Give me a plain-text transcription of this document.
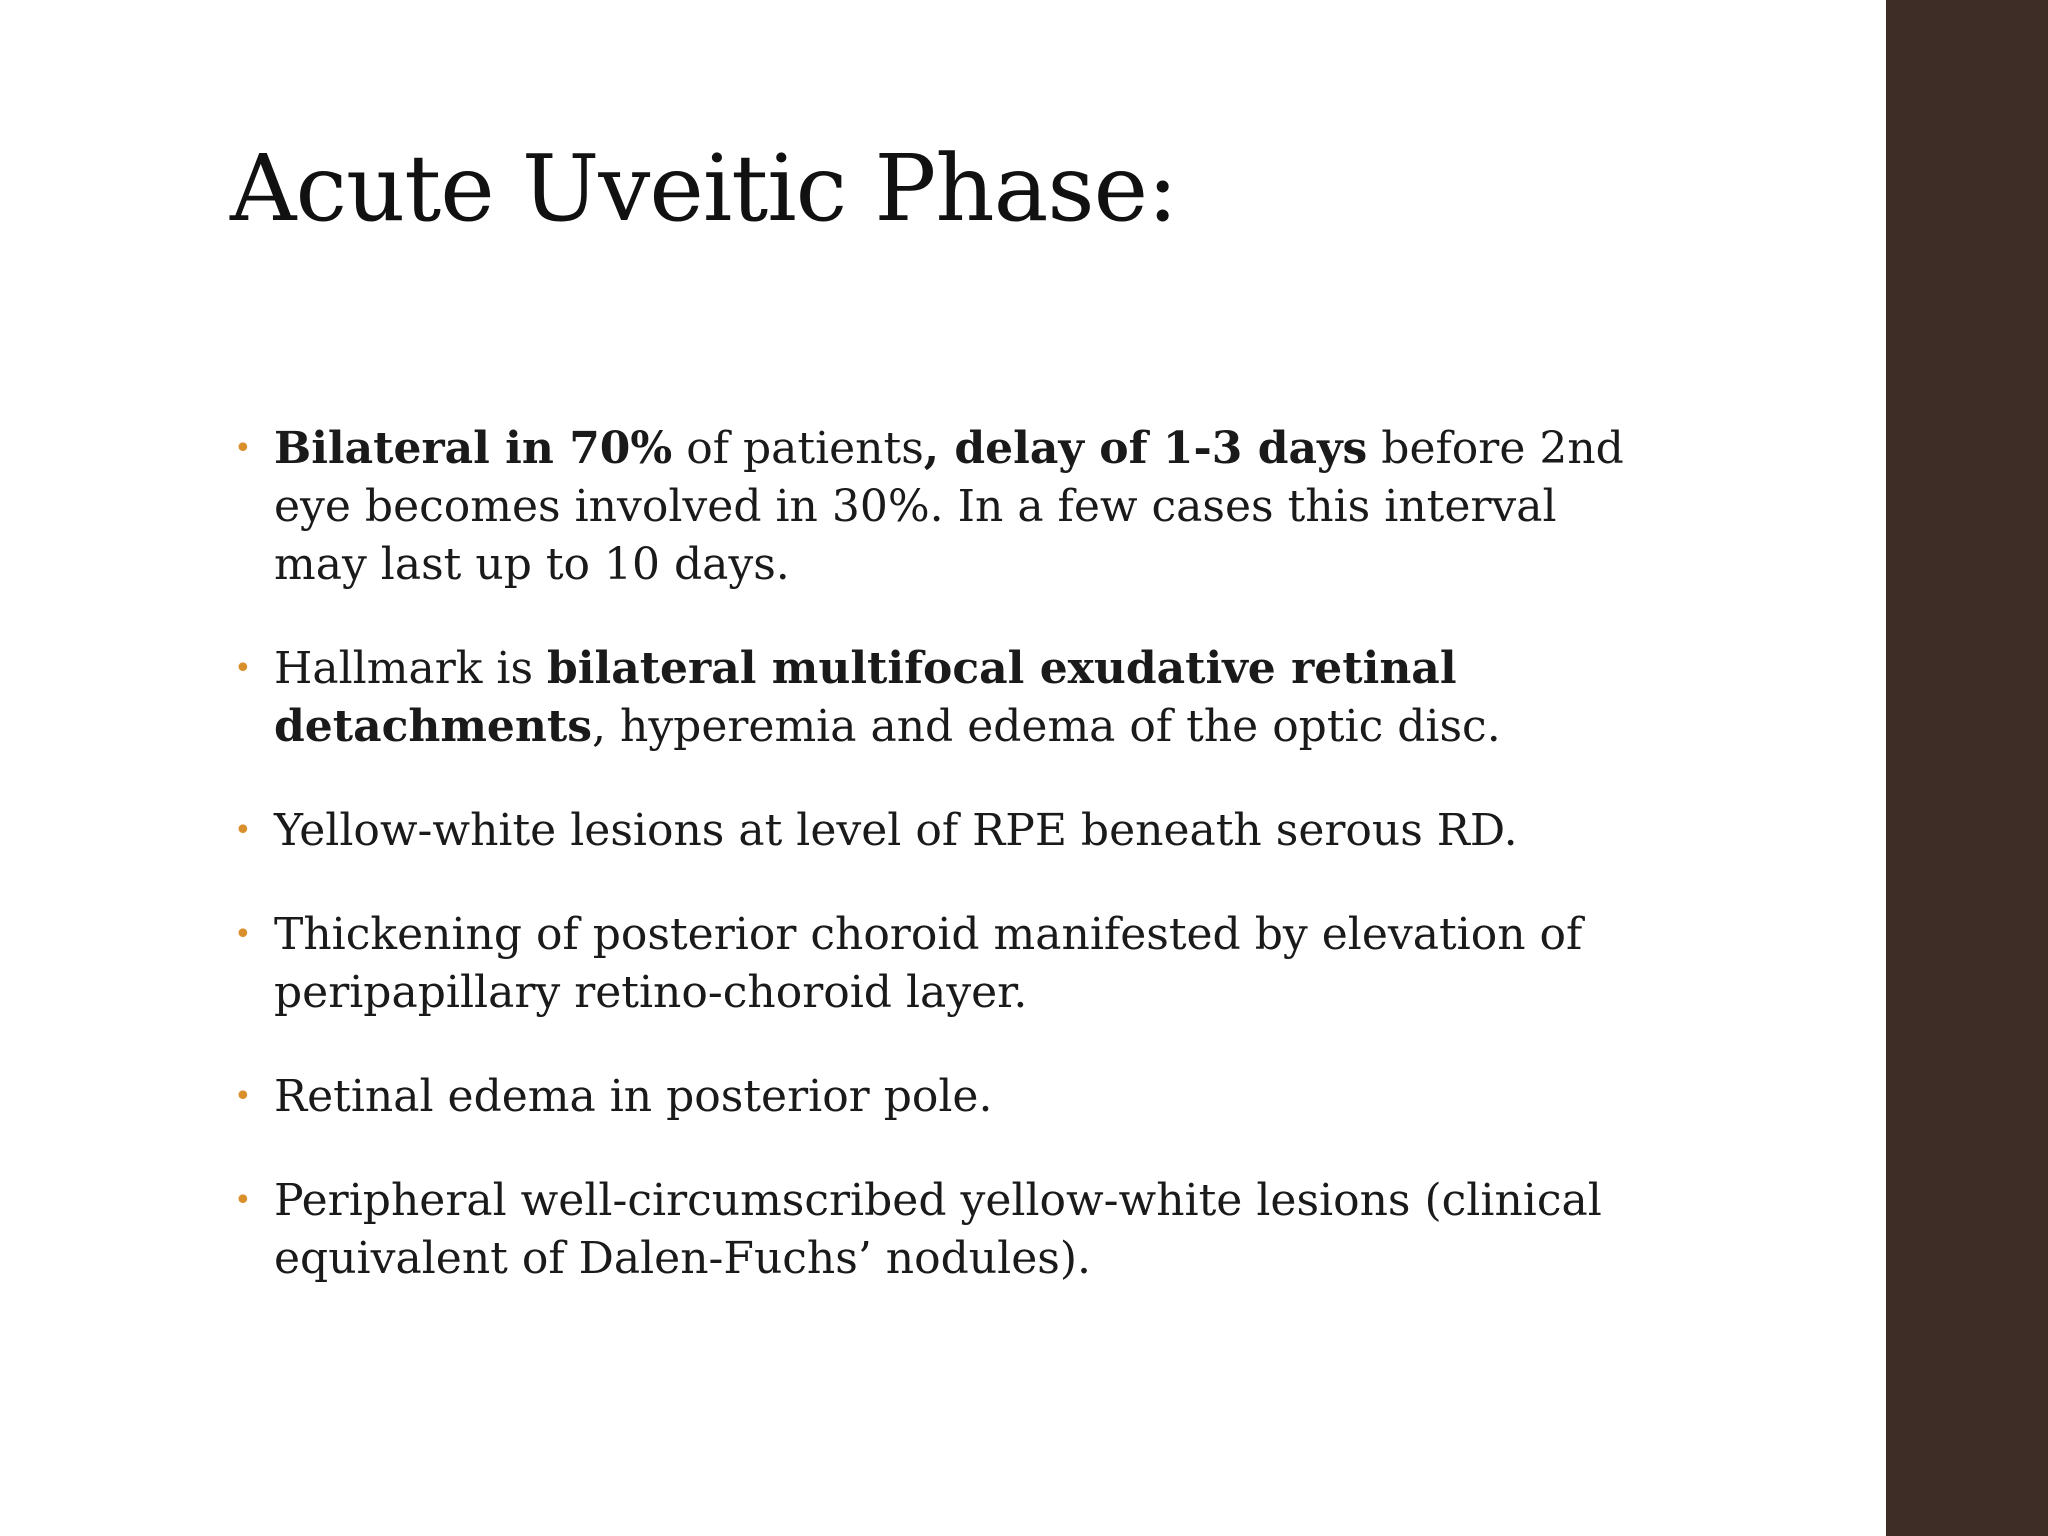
Acute Uveitic Phase:
• Bilateral in 70% of patients, delay of 1-3 days before 2nd eye becomes involved in 30%. In a few cases this interval may last up to 10 days.
• Hallmark is bilateral multifocal exudative retinal detachments, hyperemia and edema of the optic disc.
• Yellow-white lesions at level of RPE beneath serous RD.
• Thickening of posterior choroid manifested by elevation of peripapillary retino-choroid layer.
• Retinal edema in posterior pole.
• Peripheral well-circumscribed yellow-white lesions (clinical equivalent of Dalen-Fuchs’ nodules).
